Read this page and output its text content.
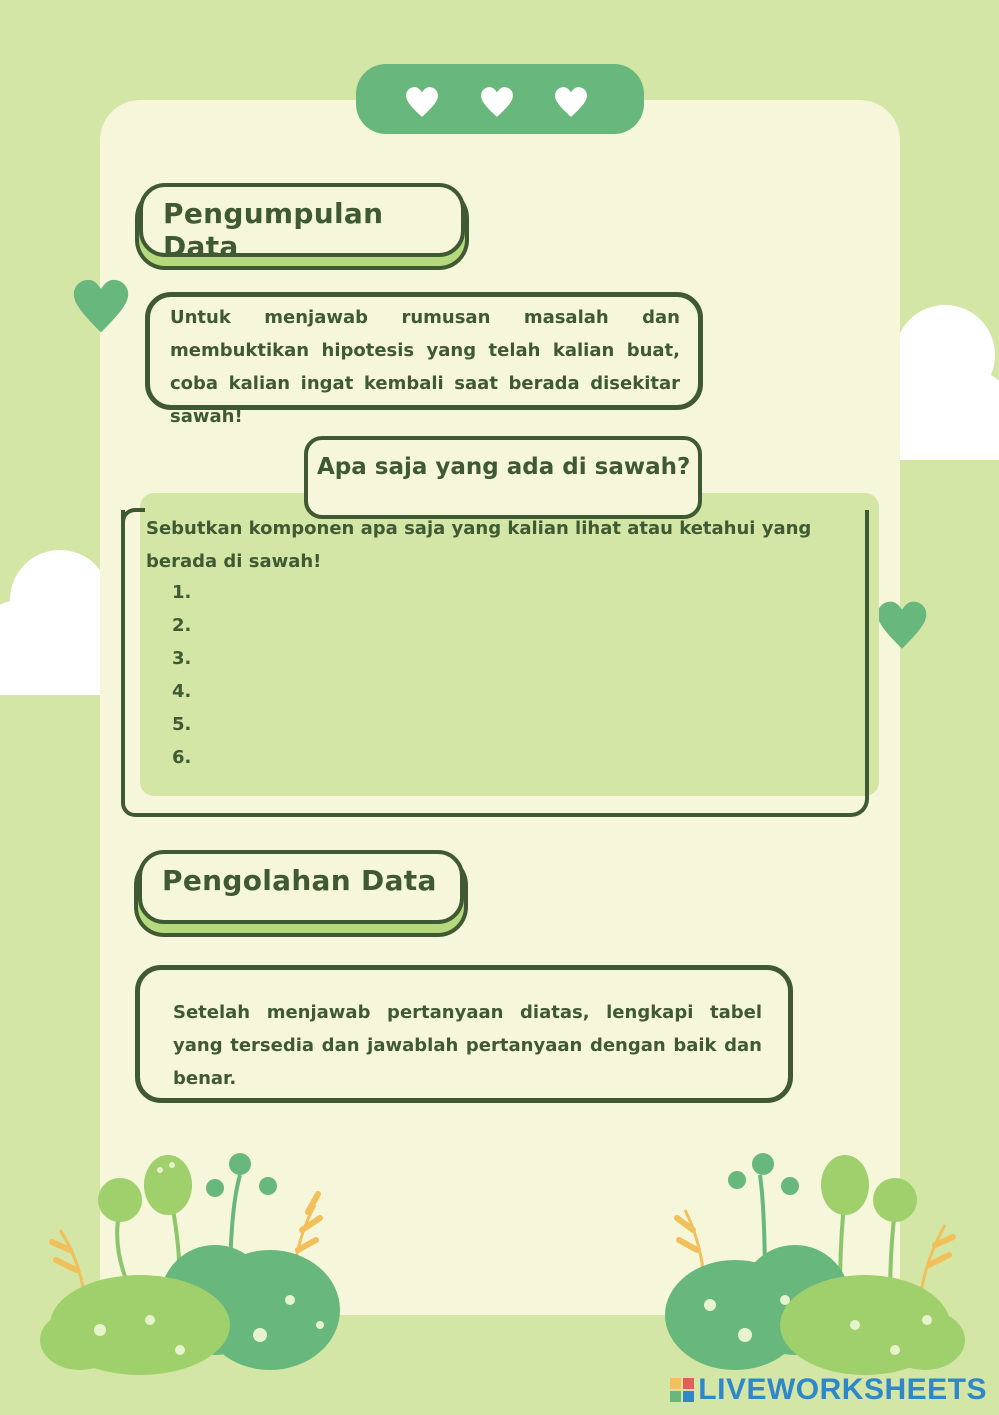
Pengumpulan Data
Untuk menjawab rumusan masalah dan membuktikan hipotesis yang telah kalian buat, coba kalian ingat kembali saat berada disekitar sawah!
Apa saja yang ada di sawah?
Sebutkan komponen apa saja yang kalian lihat atau ketahui yang berada di sawah!
1.
2.
3.
4.
5.
6.
Pengolahan Data
Setelah menjawab pertanyaan diatas, lengkapi tabel yang tersedia dan jawablah pertanyaan dengan baik dan benar.
LIVEWORKSHEETS
